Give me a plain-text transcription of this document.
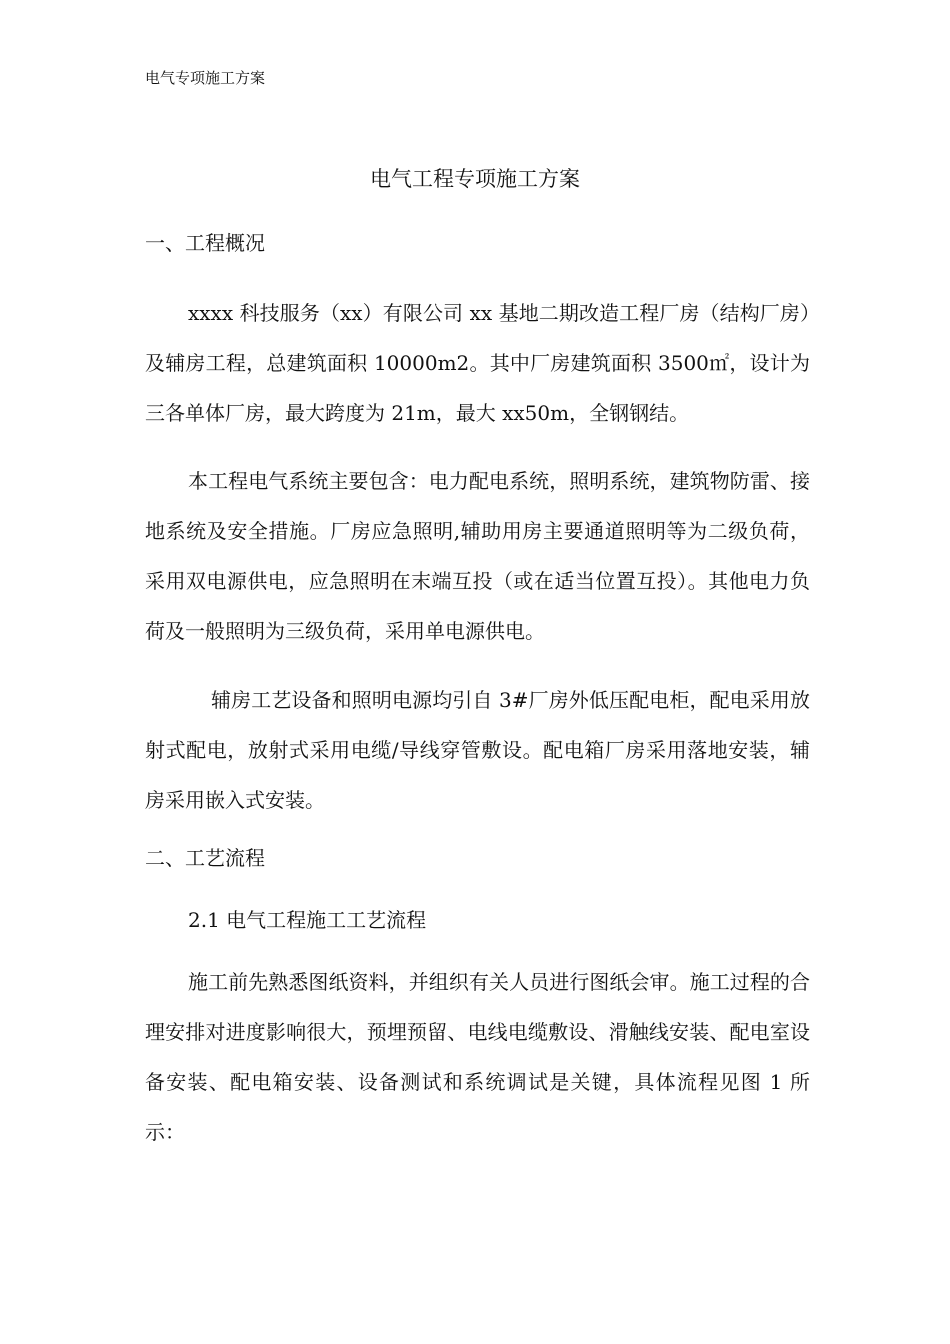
电气专项施工方案
电气工程专项施工方案
一、工程概况

xxxx 科技服务（xx）有限公司 xx 基地二期改造工程厂房（结构厂房）及辅房工程，总建筑面积 10000m2。其中厂房建筑面积 3500㎡，设计为三各单体厂房，最大跨度为 21m，最大 xx50m，全钢钢结。

本工程电气系统主要包含：电力配电系统，照明系统，建筑物防雷、接地系统及安全措施。厂房应急照明,辅助用房主要通道照明等为二级负荷，采用双电源供电，应急照明在末端互投（或在适当位置互投）。其他电力负荷及一般照明为三级负荷，采用单电源供电。

辅房工艺设备和照明电源均引自 3#厂房外低压配电柜，配电采用放射式配电，放射式采用电缆/导线穿管敷设。配电箱厂房采用落地安装，辅房采用嵌入式安装。

二、工艺流程
2.1 电气工程施工工艺流程

施工前先熟悉图纸资料，并组织有关人员进行图纸会审。施工过程的合理安排对进度影响很大，预埋预留、电线电缆敷设、滑触线安装、配电室设备安装、配电箱安装、设备测试和系统调试是关键，具体流程见图 1 所示：
